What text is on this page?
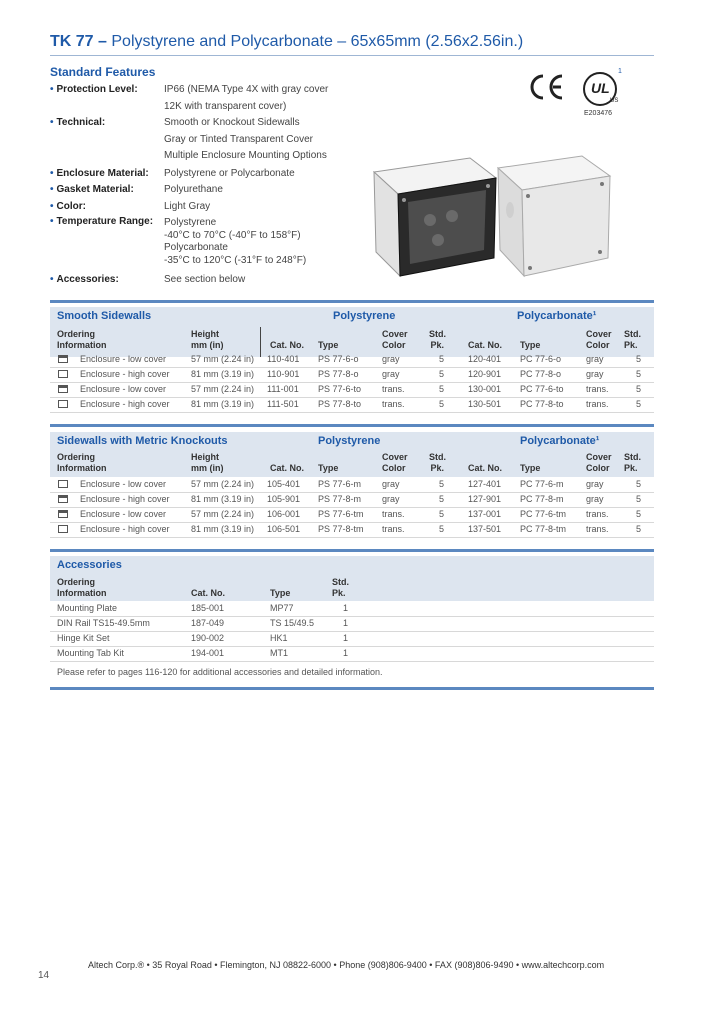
TK 77 – Polystyrene and Polycarbonate – 65x65mm (2.56x2.56in.)
Standard Features
• Protection Level:	IP66 (NEMA Type 4X with gray cover
12K with transparent cover)
• Technical:	Smooth or Knockout Sidewalls
Gray or Tinted Transparent Cover
Multiple Enclosure Mounting Options
• Enclosure Material:	Polystyrene or Polycarbonate
• Gasket Material:	Polyurethane
• Color:	Light Gray
• Temperature Range:	Polystyrene
-40°C to 70°C (-40°F to 158°F)
Polycarbonate
-35°C to 120°C (-31°F to 248°F)
• Accessories:	See section below
UL
1
US
E203476
Smooth Sidewalls	Polystyrene	Polycarbonate¹
Ordering
Information
Height
mm (in)	Cat. No. Type
Cover
Color
Std.
Pk.	Cat. No. Type
Cover
Color
Std.
Pk.
Enclosure - low cover	57 mm (2.24 in) 110-401 PS 77-6-o	gray	5	120-401 PC 77-6-o	gray	5
Enclosure - high cover 81 mm (3.19 in) 110-901 PS 77-8-o	gray	5	120-901 PC 77-8-o	gray	5
Enclosure - low cover	57 mm (2.24 in) 111-001 PS 77-6-to trans.	5	130-001 PC 77-6-to trans.	5
Enclosure - high cover 81 mm (3.19 in) 111-501 PS 77-8-to trans.	5	130-501 PC 77-8-to trans.	5
Sidewalls with Metric Knockouts	Polystyrene	Polycarbonate¹
Ordering
Information
Height
mm (in)	Cat. No. Type
Cover
Color
Std.
Pk.	Cat. No. Type
Cover
Color
Std.
Pk.
Enclosure - low cover	57 mm (2.24 in) 105-401 PS 77-6-m gray	5	127-401 PC 77-6-m gray	5
Enclosure - high cover 81 mm (3.19 in) 105-901 PS 77-8-m gray	5	127-901 PC 77-8-m gray	5
Enclosure - low cover	57 mm (2.24 in) 106-001 PS 77-6-tm trans.	5	137-001 PC 77-6-tm trans.	5
Enclosure - high cover 81 mm (3.19 in) 106-501 PS 77-8-tm trans.	5	137-501 PC 77-8-tm trans.	5
Accessories
Ordering
Information	Cat. No.	Type
Std.
Pk.
Mounting Plate	185-001	MP77	1
DIN Rail TS15-49.5mm	187-049	TS 15/49.5	1
Hinge Kit Set	190-002	HK1	1
Mounting Tab Kit	194-001	MT1	1
Please refer to pages 116-120 for additional accessories and detailed information.
Altech Corp.® • 35 Royal Road • Flemington, NJ 08822-6000 • Phone (908)806-9400 • FAX (908)806-9490 • www.altechcorp.com
14
